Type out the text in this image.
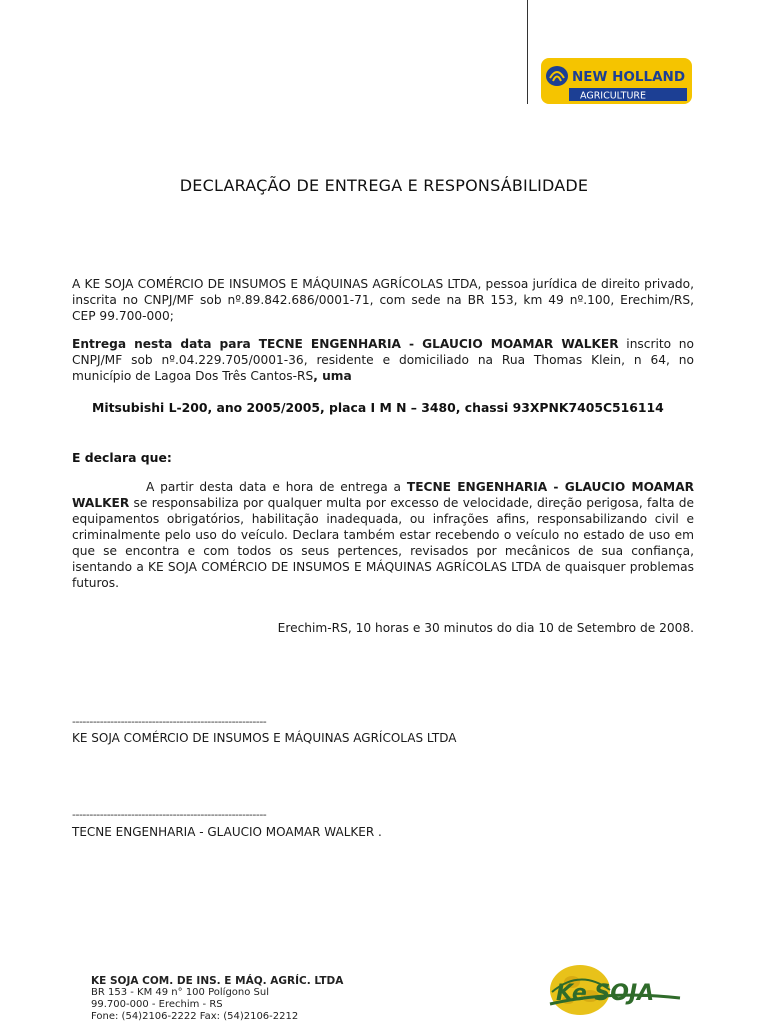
NEW HOLLAND
AGRICULTURE
DECLARAÇÃO DE ENTREGA E RESPONSÁBILIDADE
A KE SOJA COMÉRCIO DE INSUMOS E MÁQUINAS AGRÍCOLAS LTDA, pessoa jurídica de direito privado, inscrita no CNPJ/MF sob nº.89.842.686/0001-71, com sede na BR 153, km 49 nº.100, Erechim/RS, CEP 99.700-000;
Entrega nesta data para TECNE ENGENHARIA - GLAUCIO MOAMAR WALKER inscrito no CNPJ/MF sob nº.04.229.705/0001-36, residente e domiciliado na Rua Thomas Klein, n 64, no município de Lagoa Dos Três Cantos-RS, uma
Mitsubishi L-200, ano 2005/2005, placa I M N – 3480, chassi 93XPNK7405C516114
E declara que:
A partir desta data e hora de entrega a TECNE ENGENHARIA - GLAUCIO MOAMAR WALKER se responsabiliza por qualquer multa por excesso de velocidade, direção perigosa, falta de equipamentos obrigatórios, habilitação inadequada, ou infrações afins, responsabilizando civil e criminalmente pelo uso do veículo. Declara também estar recebendo o veículo no estado de uso em que se encontra e com todos os seus pertences, revisados por mecânicos de sua confiança, isentando a KE SOJA COMÉRCIO DE INSUMOS E MÁQUINAS AGRÍCOLAS LTDA de quaisquer problemas futuros.
Erechim-RS, 10 horas e 30 minutos do dia 10 de Setembro de 2008.
--------------------------------------------------------
KE SOJA COMÉRCIO DE INSUMOS E MÁQUINAS AGRÍCOLAS LTDA
--------------------------------------------------------
TECNE ENGENHARIA - GLAUCIO MOAMAR WALKER .
KE SOJA COM. DE INS. E MÁQ. AGRÍC. LTDA
BR 153 - KM 49 n° 100 Polígono Sul
99.700-000 - Erechim - RS
Fone: (54)2106-2222 Fax: (54)2106-2212
Ke SOJA
